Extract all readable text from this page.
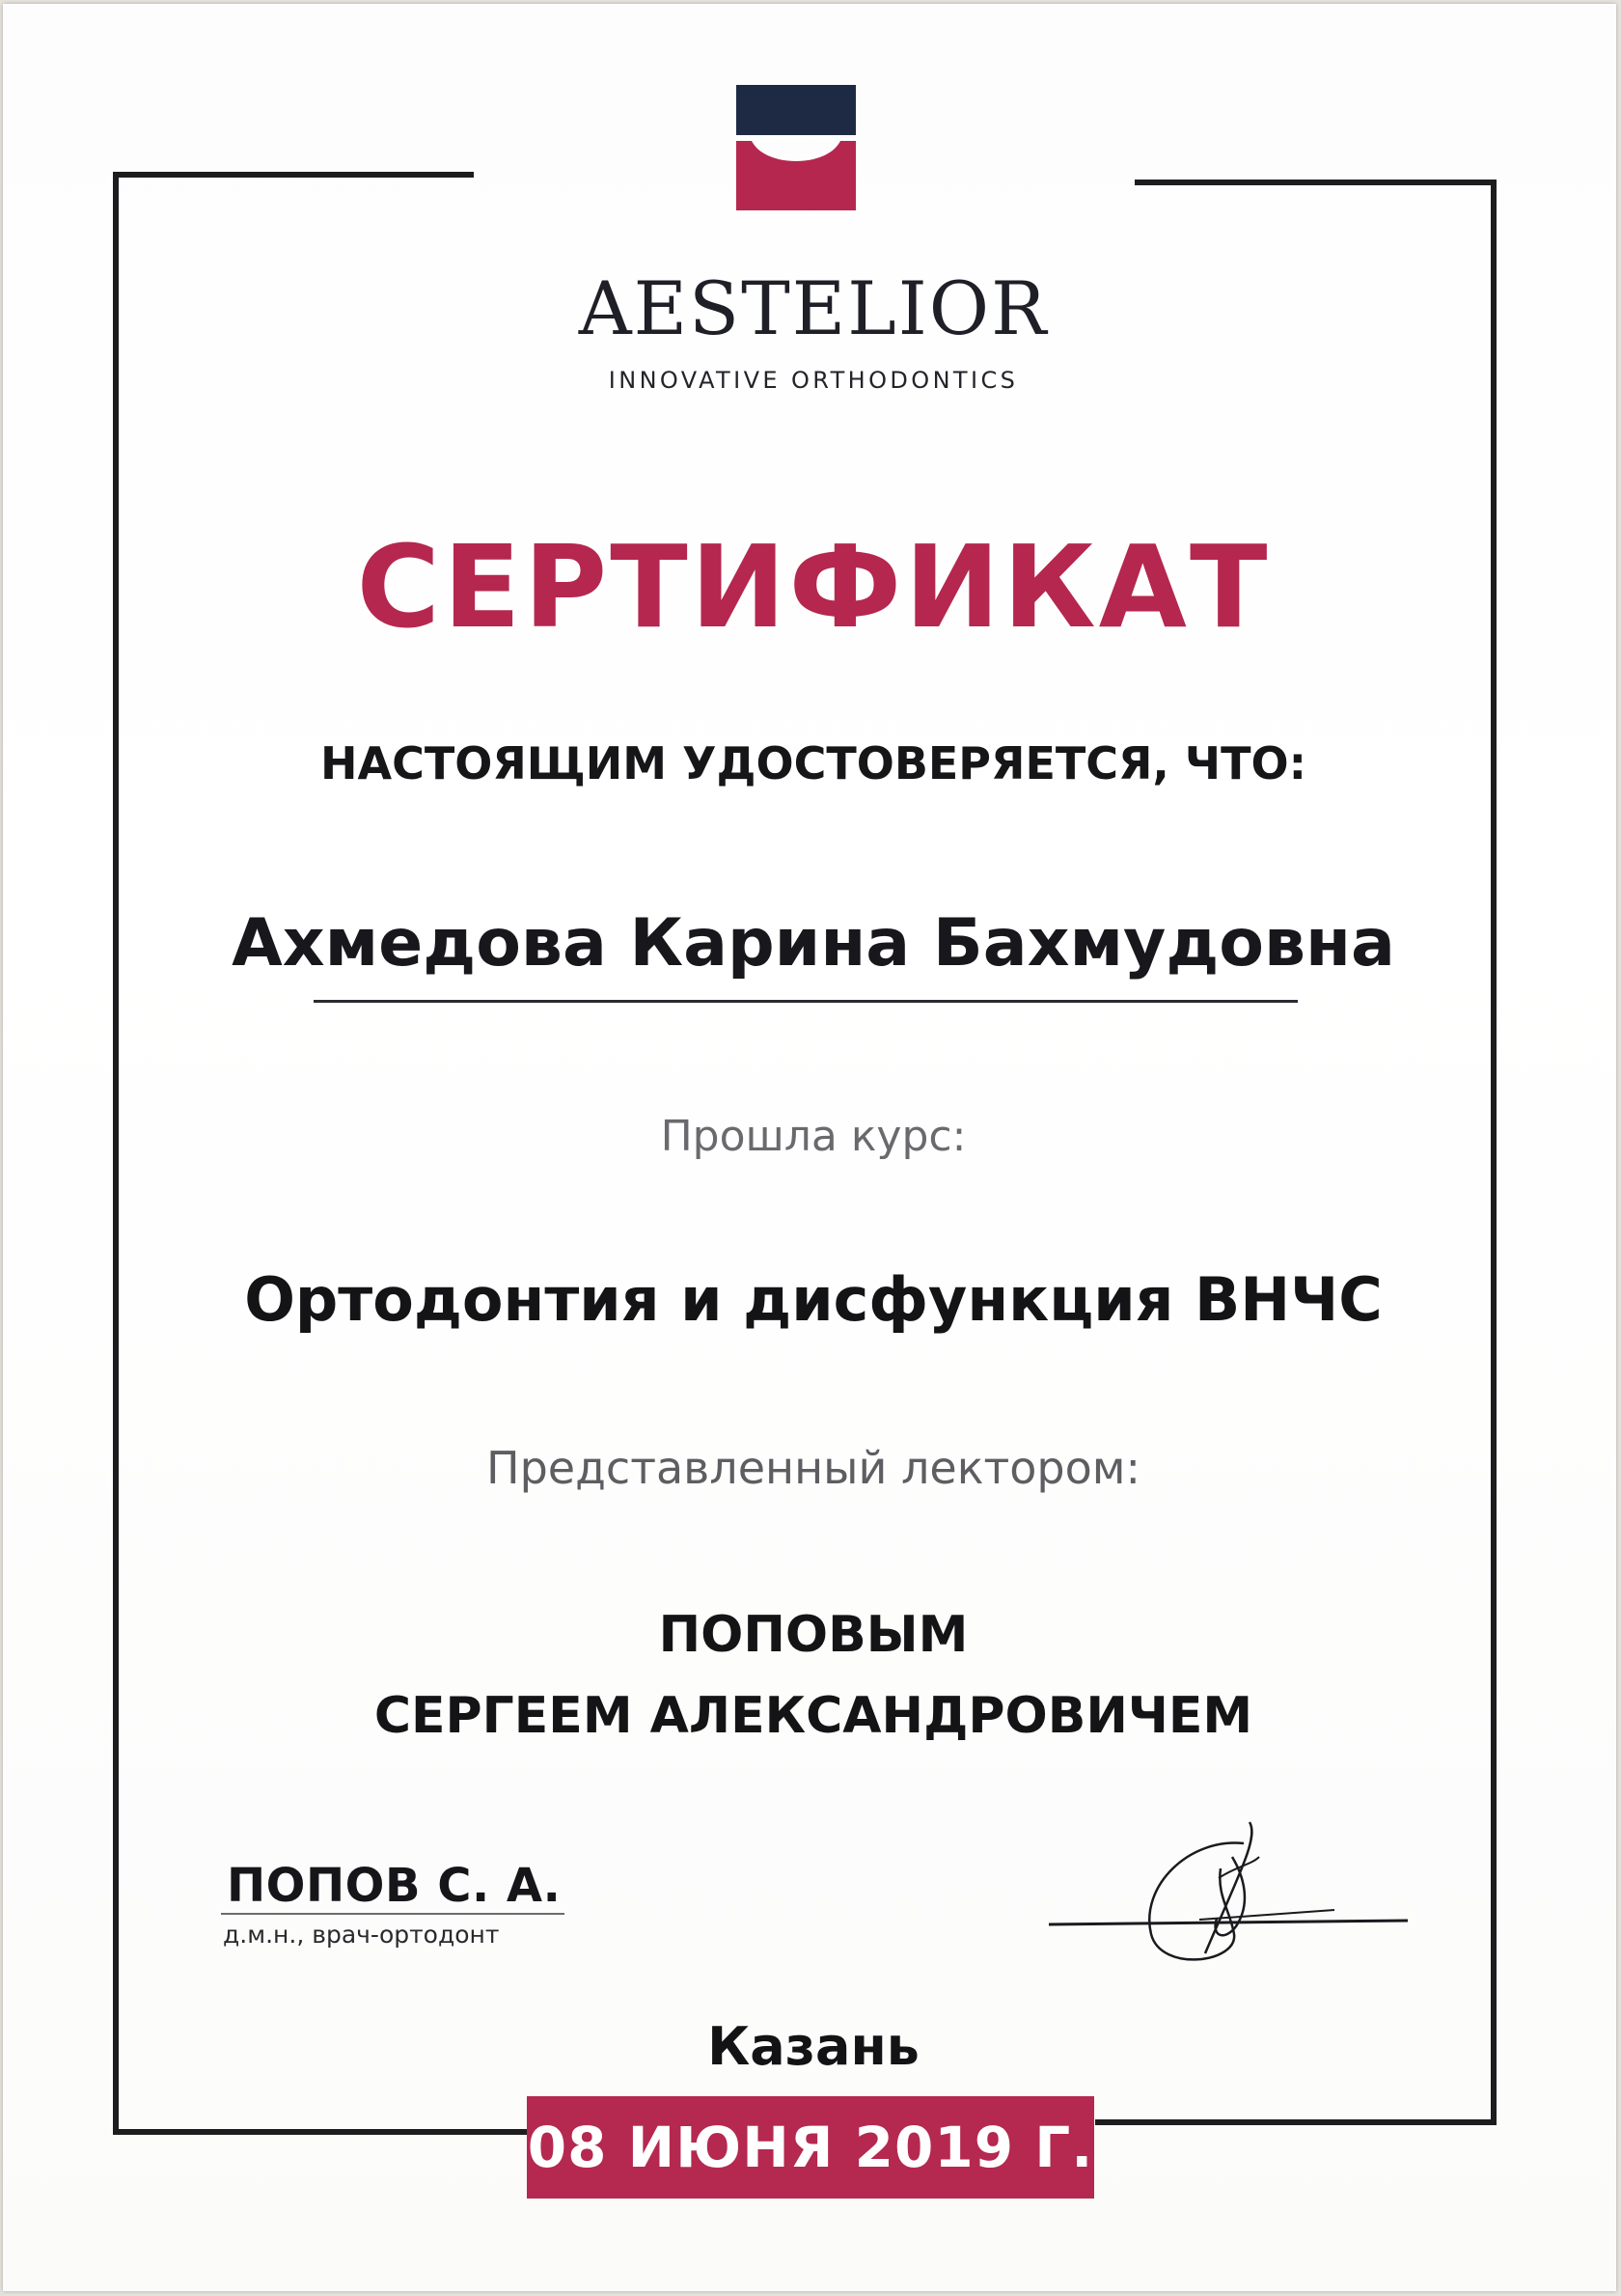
AESTELIOR
INNOVATIVE ORTHODONTICS
СЕРТИФИКАТ
НАСТОЯЩИМ УДОСТОВЕРЯЕТСЯ, ЧТО:
Ахмедова Карина Бахмудовна
Прошла курс:
Ортодонтия и дисфункция ВНЧС
Представленный лектором:
ПОПОВЫМ
СЕРГЕЕМ АЛЕКСАНДРОВИЧЕМ
ПОПОВ С. А.
д.м.н., врач-ортодонт
Казань
08 ИЮНЯ 2019 Г.
